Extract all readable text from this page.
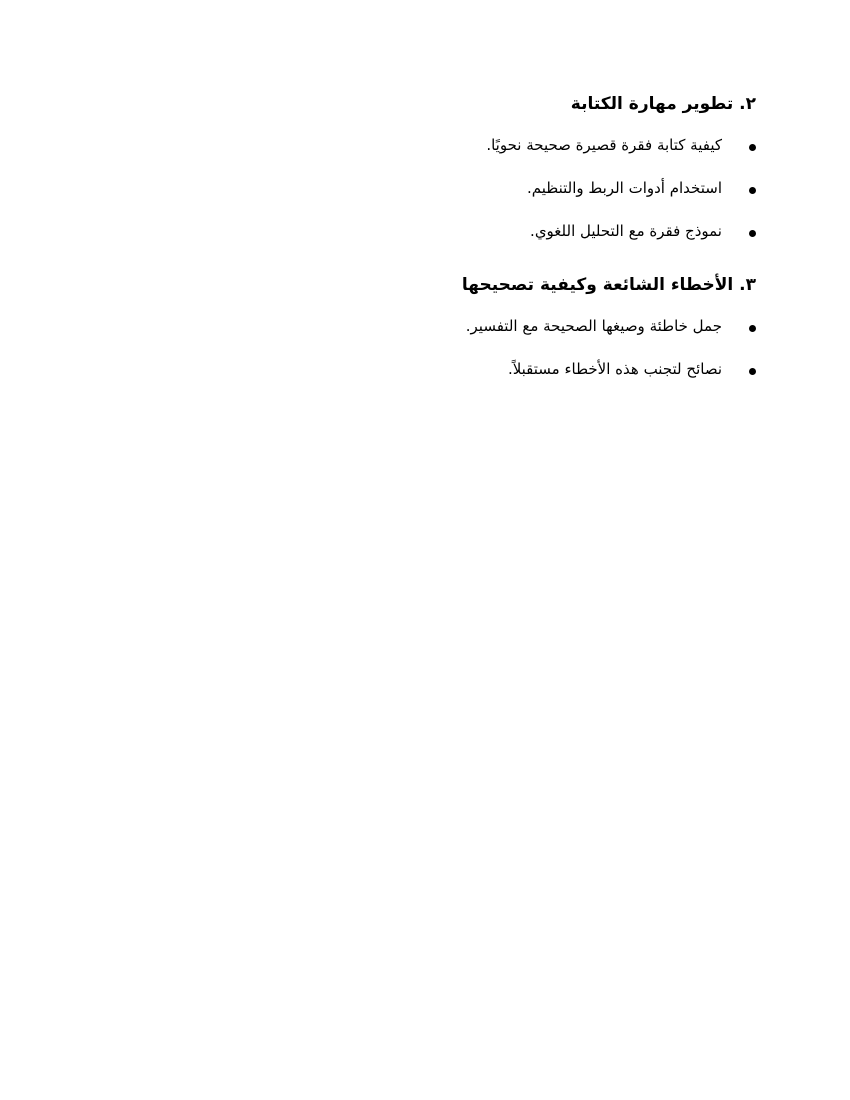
٢. تطوير مهارة الكتابة
كيفية كتابة فقرة قصيرة صحيحة نحويًا.
استخدام أدوات الربط والتنظيم.
نموذج فقرة مع التحليل اللغوي.
٣. الأخطاء الشائعة وكيفية تصحيحها
جمل خاطئة وصيغها الصحيحة مع التفسير.
نصائح لتجنب هذه الأخطاء مستقبلاً.
